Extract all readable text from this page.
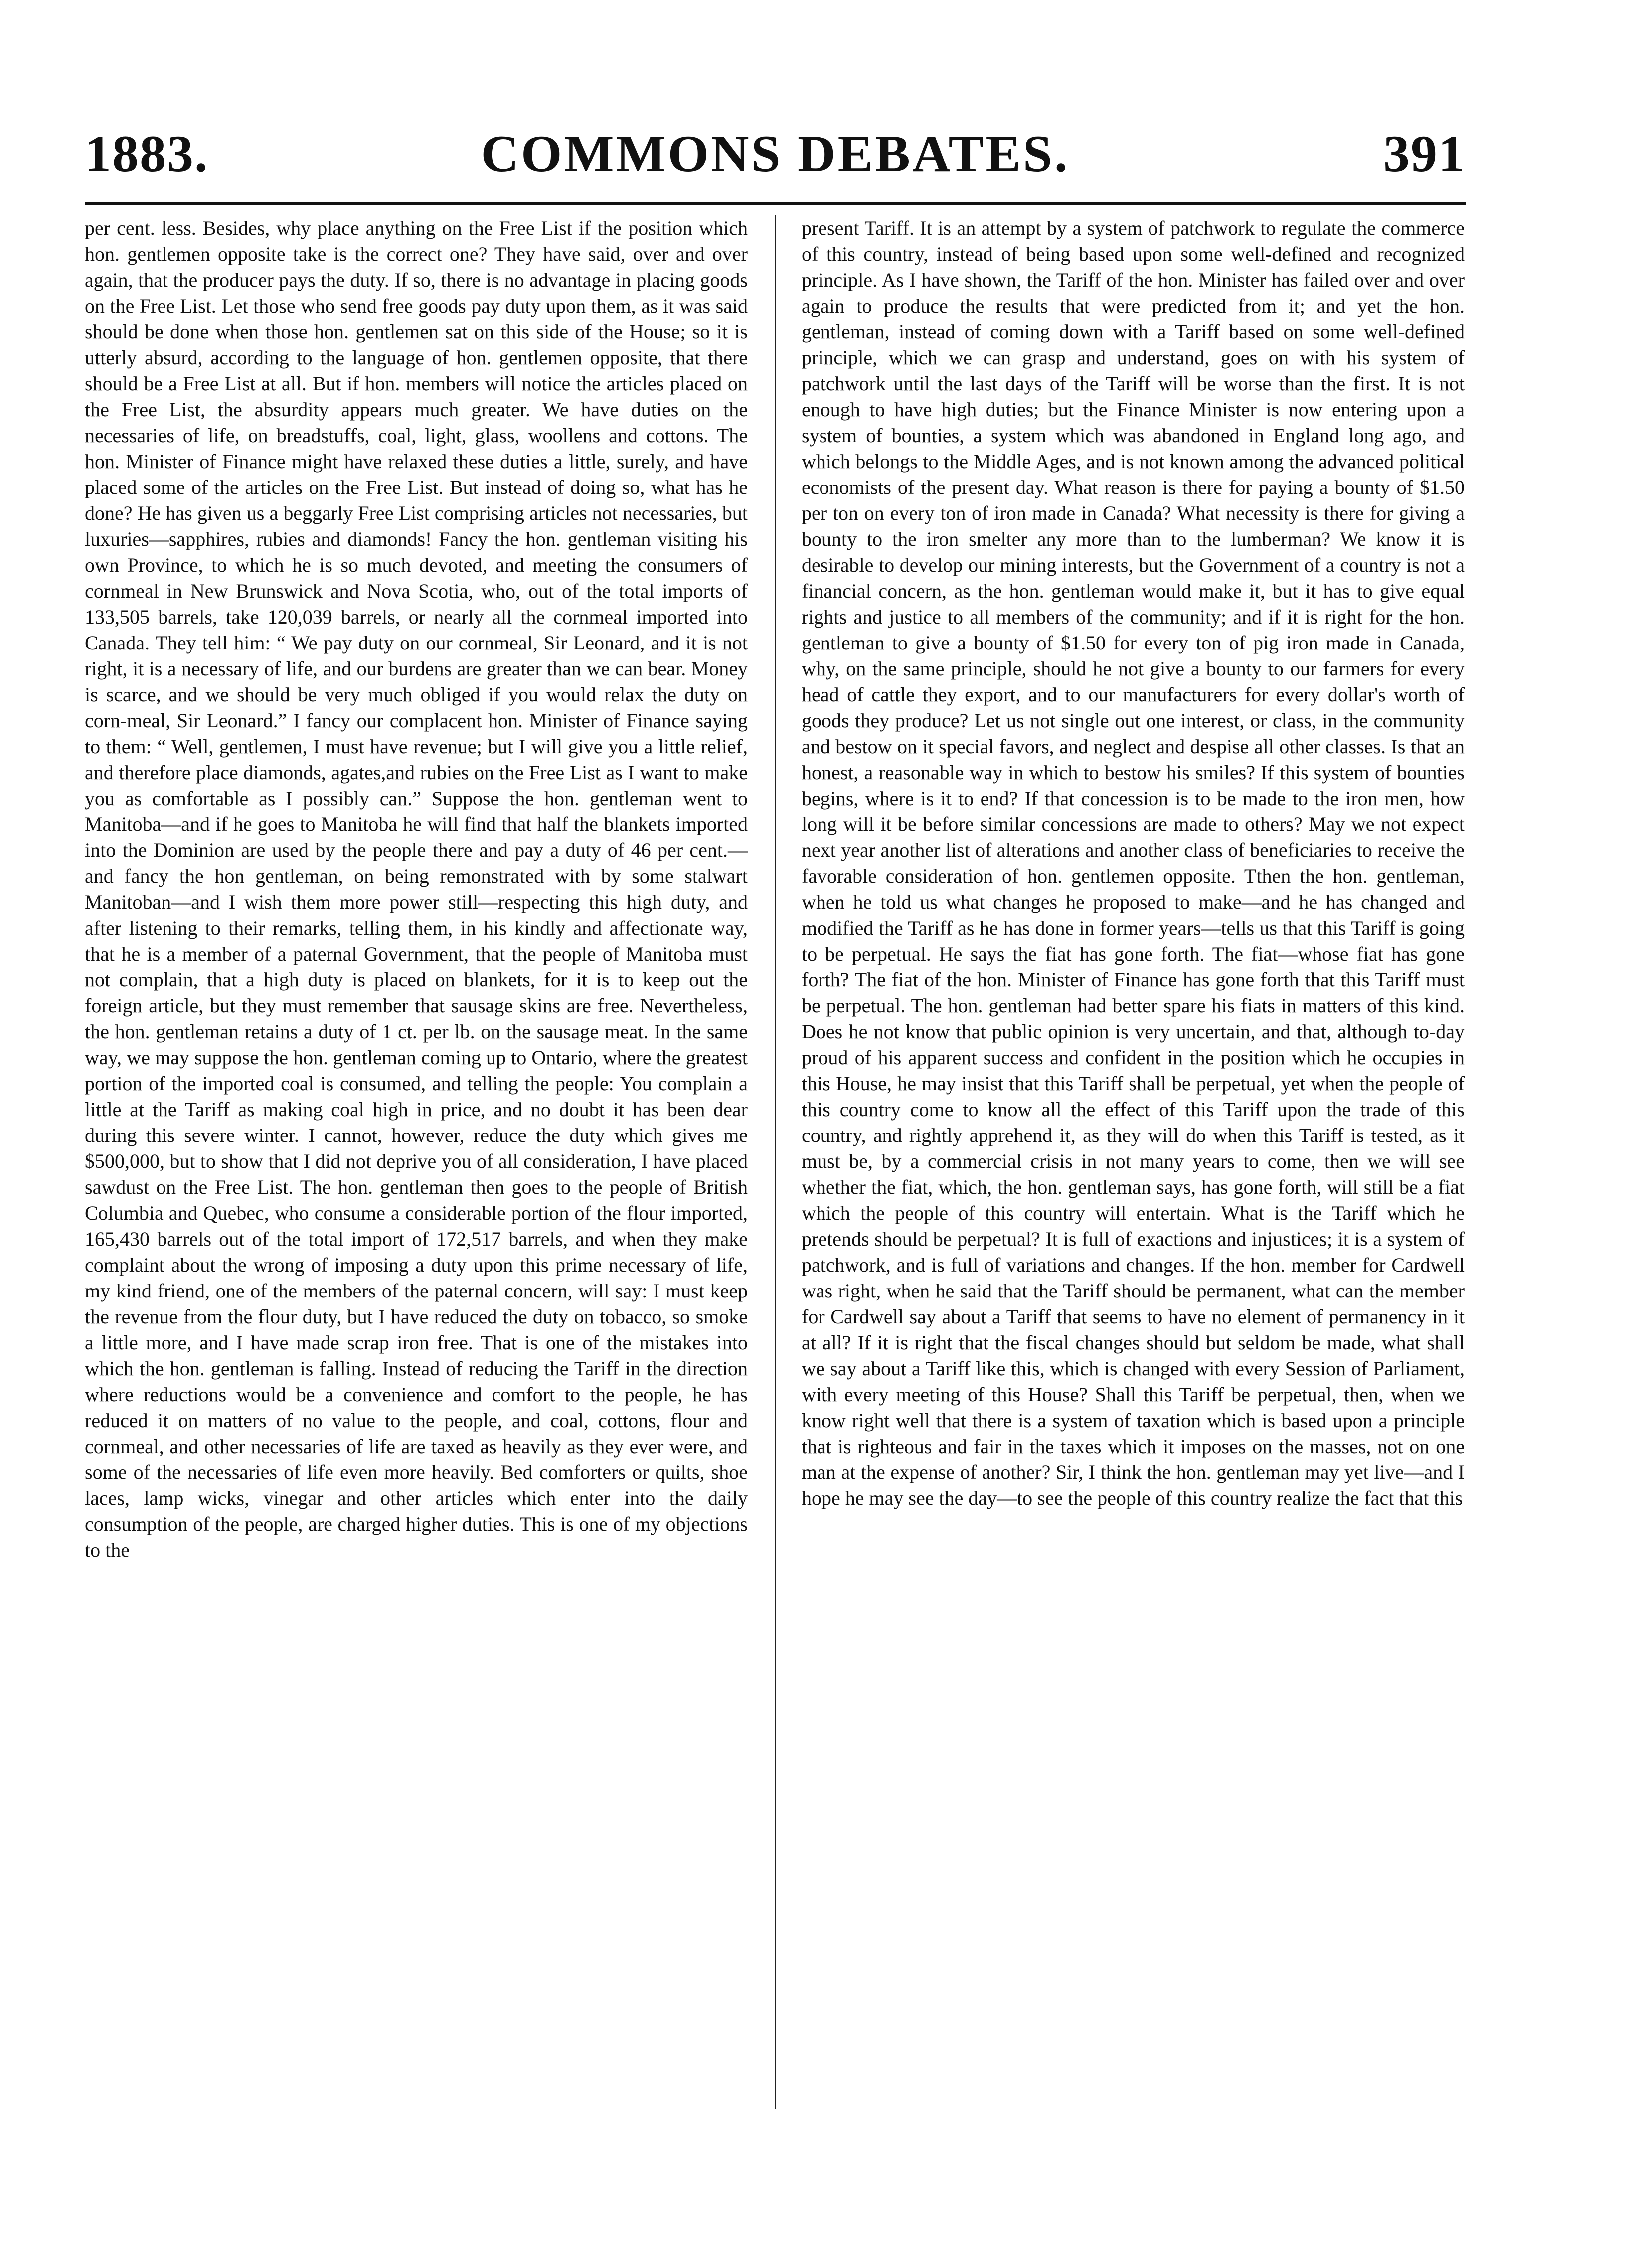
1883.	COMMONS DEBATES.	391

per cent. less. Besides, why place anything on the Free List if the position which hon. gentlemen opposite take is the correct one? They have said, over and over again, that the producer pays the duty. If so, there is no advantage in placing goods on the Free List. Let those who send free goods pay duty upon them, as it was said should be done when those hon. gentlemen sat on this side of the House; so it is utterly absurd, according to the language of hon. gentlemen opposite, that there should be a Free List at all. But if hon. members will notice the articles placed on the Free List, the absurdity appears much greater. We have duties on the necessaries of life, on breadstuffs, coal, light, glass, woollens and cottons. The hon. Minister of Finance might have relaxed these duties a little, surely, and have placed some of the articles on the Free List. But instead of doing so, what has he done? He has given us a beggarly Free List comprising articles not necessaries, but luxuries—sapphires, rubies and diamonds! Fancy the hon. gentleman visiting his own Province, to which he is so much devoted, and meeting the consumers of cornmeal in New Brunswick and Nova Scotia, who, out of the total imports of 133,505 barrels, take 120,039 barrels, or nearly all the cornmeal imported into Canada. They tell him: “ We pay duty on our cornmeal, Sir Leonard, and it is not right, it is a necessary of life, and our burdens are greater than we can bear. Money is scarce, and we should be very much obliged if you would relax the duty on corn-meal, Sir Leonard.” I fancy our complacent hon. Minister of Finance saying to them: “ Well, gentlemen, I must have revenue; but I will give you a little relief, and therefore place diamonds, agates,and rubies on the Free List as I want to make you as comfortable as I possibly can.” Suppose the hon. gentleman went to Manitoba—and if he goes to Manitoba he will find that half the blankets imported into the Dominion are used by the people there and pay a duty of 46 per cent.—and fancy the hon gentleman, on being remonstrated with by some stalwart Manitoban—and I wish them more power still—respecting this high duty, and after listening to their remarks, telling them, in his kindly and affectionate way, that he is a member of a paternal Government, that the people of Manitoba must not complain, that a high duty is placed on blankets, for it is to keep out the foreign article, but they must remember that sausage skins are free. Nevertheless, the hon. gentleman retains a duty of 1 ct. per lb. on the sausage meat. In the same way, we may suppose the hon. gentleman coming up to Ontario, where the greatest portion of the imported coal is consumed, and telling the people: You complain a little at the Tariff as making coal high in price, and no doubt it has been dear during this severe winter. I cannot, however, reduce the duty which gives me $500,000, but to show that I did not deprive you of all consideration, I have placed sawdust on the Free List. The hon. gentleman then goes to the people of British Columbia and Quebec, who consume a considerable portion of the flour imported, 165,430 barrels out of the total import of 172,517 barrels, and when they make complaint about the wrong of imposing a duty upon this prime necessary of life, my kind friend, one of the members of the paternal concern, will say: I must keep the revenue from the flour duty, but I have reduced the duty on tobacco, so smoke a little more, and I have made scrap iron free. That is one of the mistakes into which the hon. gentleman is falling. Instead of reducing the Tariff in the direction where reductions would be a convenience and comfort to the people, he has reduced it on matters of no value to the people, and coal, cottons, flour and cornmeal, and other necessaries of life are taxed as heavily as they ever were, and some of the necessaries of life even more heavily. Bed comforters or quilts, shoe laces, lamp wicks, vinegar and other articles which enter into the daily consumption of the people, are charged higher duties. This is one of my objections to the

present Tariff. It is an attempt by a system of patchwork to regulate the commerce of this country, instead of being based upon some well-defined and recognized principle. As I have shown, the Tariff of the hon. Minister has failed over and over again to produce the results that were predicted from it; and yet the hon. gentleman, instead of coming down with a Tariff based on some well-defined principle, which we can grasp and understand, goes on with his system of patchwork until the last days of the Tariff will be worse than the first. It is not enough to have high duties; but the Finance Minister is now entering upon a system of bounties, a system which was abandoned in England long ago, and which belongs to the Middle Ages, and is not known among the advanced political economists of the present day. What reason is there for paying a bounty of $1.50 per ton on every ton of iron made in Canada? What necessity is there for giving a bounty to the iron smelter any more than to the lumberman? We know it is desirable to develop our mining interests, but the Government of a country is not a financial concern, as the hon. gentleman would make it, but it has to give equal rights and justice to all members of the community; and if it is right for the hon. gentleman to give a bounty of $1.50 for every ton of pig iron made in Canada, why, on the same principle, should he not give a bounty to our farmers for every head of cattle they export, and to our manufacturers for every dollar's worth of goods they produce? Let us not single out one interest, or class, in the community and bestow on it special favors, and neglect and despise all other classes. Is that an honest, a reasonable way in which to bestow his smiles? If this system of bounties begins, where is it to end? If that concession is to be made to the iron men, how long will it be before similar concessions are made to others? May we not expect next year another list of alterations and another class of beneficiaries to receive the favorable consideration of hon. gentlemen opposite. Tthen the hon. gentleman, when he told us what changes he proposed to make—and he has changed and modified the Tariff as he has done in former years—tells us that this Tariff is going to be perpetual. He says the fiat has gone forth. The fiat—whose fiat has gone forth? The fiat of the hon. Minister of Finance has gone forth that this Tariff must be perpetual. The hon. gentleman had better spare his fiats in matters of this kind. Does he not know that public opinion is very uncertain, and that, although to-day proud of his apparent success and confident in the position which he occupies in this House, he may insist that this Tariff shall be perpetual, yet when the people of this country come to know all the effect of this Tariff upon the trade of this country, and rightly apprehend it, as they will do when this Tariff is tested, as it must be, by a commercial crisis in not many years to come, then we will see whether the fiat, which, the hon. gentleman says, has gone forth, will still be a fiat which the people of this country will entertain. What is the Tariff which he pretends should be perpetual? It is full of exactions and injustices; it is a system of patchwork, and is full of variations and changes. If the hon. member for Cardwell was right, when he said that the Tariff should be permanent, what can the member for Cardwell say about a Tariff that seems to have no element of permanency in it at all? If it is right that the fiscal changes should but seldom be made, what shall we say about a Tariff like this, which is changed with every Session of Parliament, with every meeting of this House? Shall this Tariff be perpetual, then, when we know right well that there is a system of taxation which is based upon a principle that is righteous and fair in the taxes which it imposes on the masses, not on one man at the expense of another? Sir, I think the hon. gentleman may yet live—and I hope he may see the day—to see the people of this country realize the fact that this
